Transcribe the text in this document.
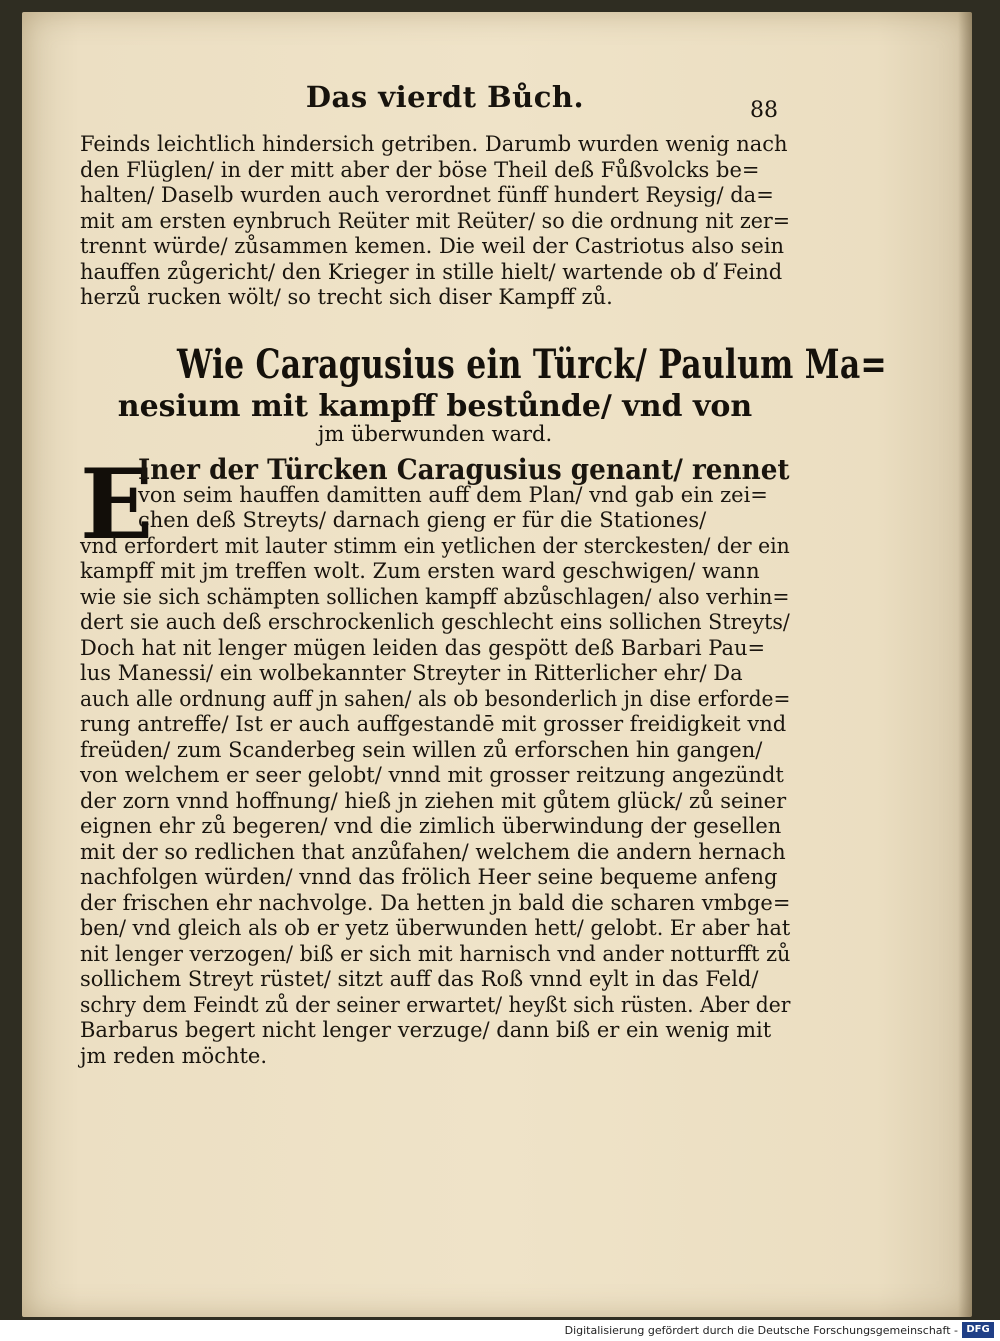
Das vierdt Bůch.	88
Feinds leichtlich hindersich getriben. Darumb wurden wenig nach
den Flüglen/ in der mitt aber der böse Theil deß Fůßvolcks be=
halten/ Daselb wurden auch verordnet fünff hundert Reysig/ da=
mit am ersten eynbruch Reüter mit Reüter/ so die ordnung nit zer=
trennt würde/ zůsammen kemen. Die weil der Castriotus also sein
hauffen zůgericht/ den Krieger in stille hielt/ wartende ob ď Feind
herzů rucken wölt/ so trecht sich diser Kampff zů.
Wie Caragusius ein Türck/ Paulum Ma=
nesium mit kampff bestůnde/ vnd von
jm überwunden ward.
E
Iner der Türcken Caragusius genant/ rennet
von seim hauffen damitten auff dem Plan/ vnd gab ein zei=
chen deß Streyts/ darnach gieng er für die Stationes/
vnd erfordert mit lauter stimm ein yetlichen der sterckesten/ der ein
kampff mit jm treffen wolt. Zum ersten ward geschwigen/ wann
wie sie sich schämpten sollichen kampff abzůschlagen/ also verhin=
dert sie auch deß erschrockenlich geschlecht eins sollichen Streyts/
Doch hat nit lenger mügen leiden das gespött deß Barbari Pau=
lus Manessi/ ein wolbekannter Streyter in Ritterlicher ehr/ Da
auch alle ordnung auff jn sahen/ als ob besonderlich jn dise erforde=
rung antreffe/ Ist er auch auffgestandē mit grosser freidigkeit vnd
freüden/ zum Scanderbeg sein willen zů erforschen hin gangen/
von welchem er seer gelobt/ vnnd mit grosser reitzung angezündt
der zorn vnnd hoffnung/ hieß jn ziehen mit gůtem glück/ zů seiner
eignen ehr zů begeren/ vnd die zimlich überwindung der gesellen
mit der so redlichen that anzůfahen/ welchem die andern hernach
nachfolgen würden/ vnnd das frölich Heer seine bequeme anfeng
der frischen ehr nachvolge. Da hetten jn bald die scharen vmbge=
ben/ vnd gleich als ob er yetz überwunden hett/ gelobt. Er aber hat
nit lenger verzogen/ biß er sich mit harnisch vnd ander notturfft zů
sollichem Streyt rüstet/ sitzt auff das Roß vnnd eylt in das Feld/
schry dem Feindt zů der seiner erwartet/ heyßt sich rüsten. Aber der
Barbarus begert nicht lenger verzuge/ dann biß er ein wenig mit
jm reden möchte.
Digitalisierung gefördert durch die Deutsche Forschungsgemeinschaft - DFG
